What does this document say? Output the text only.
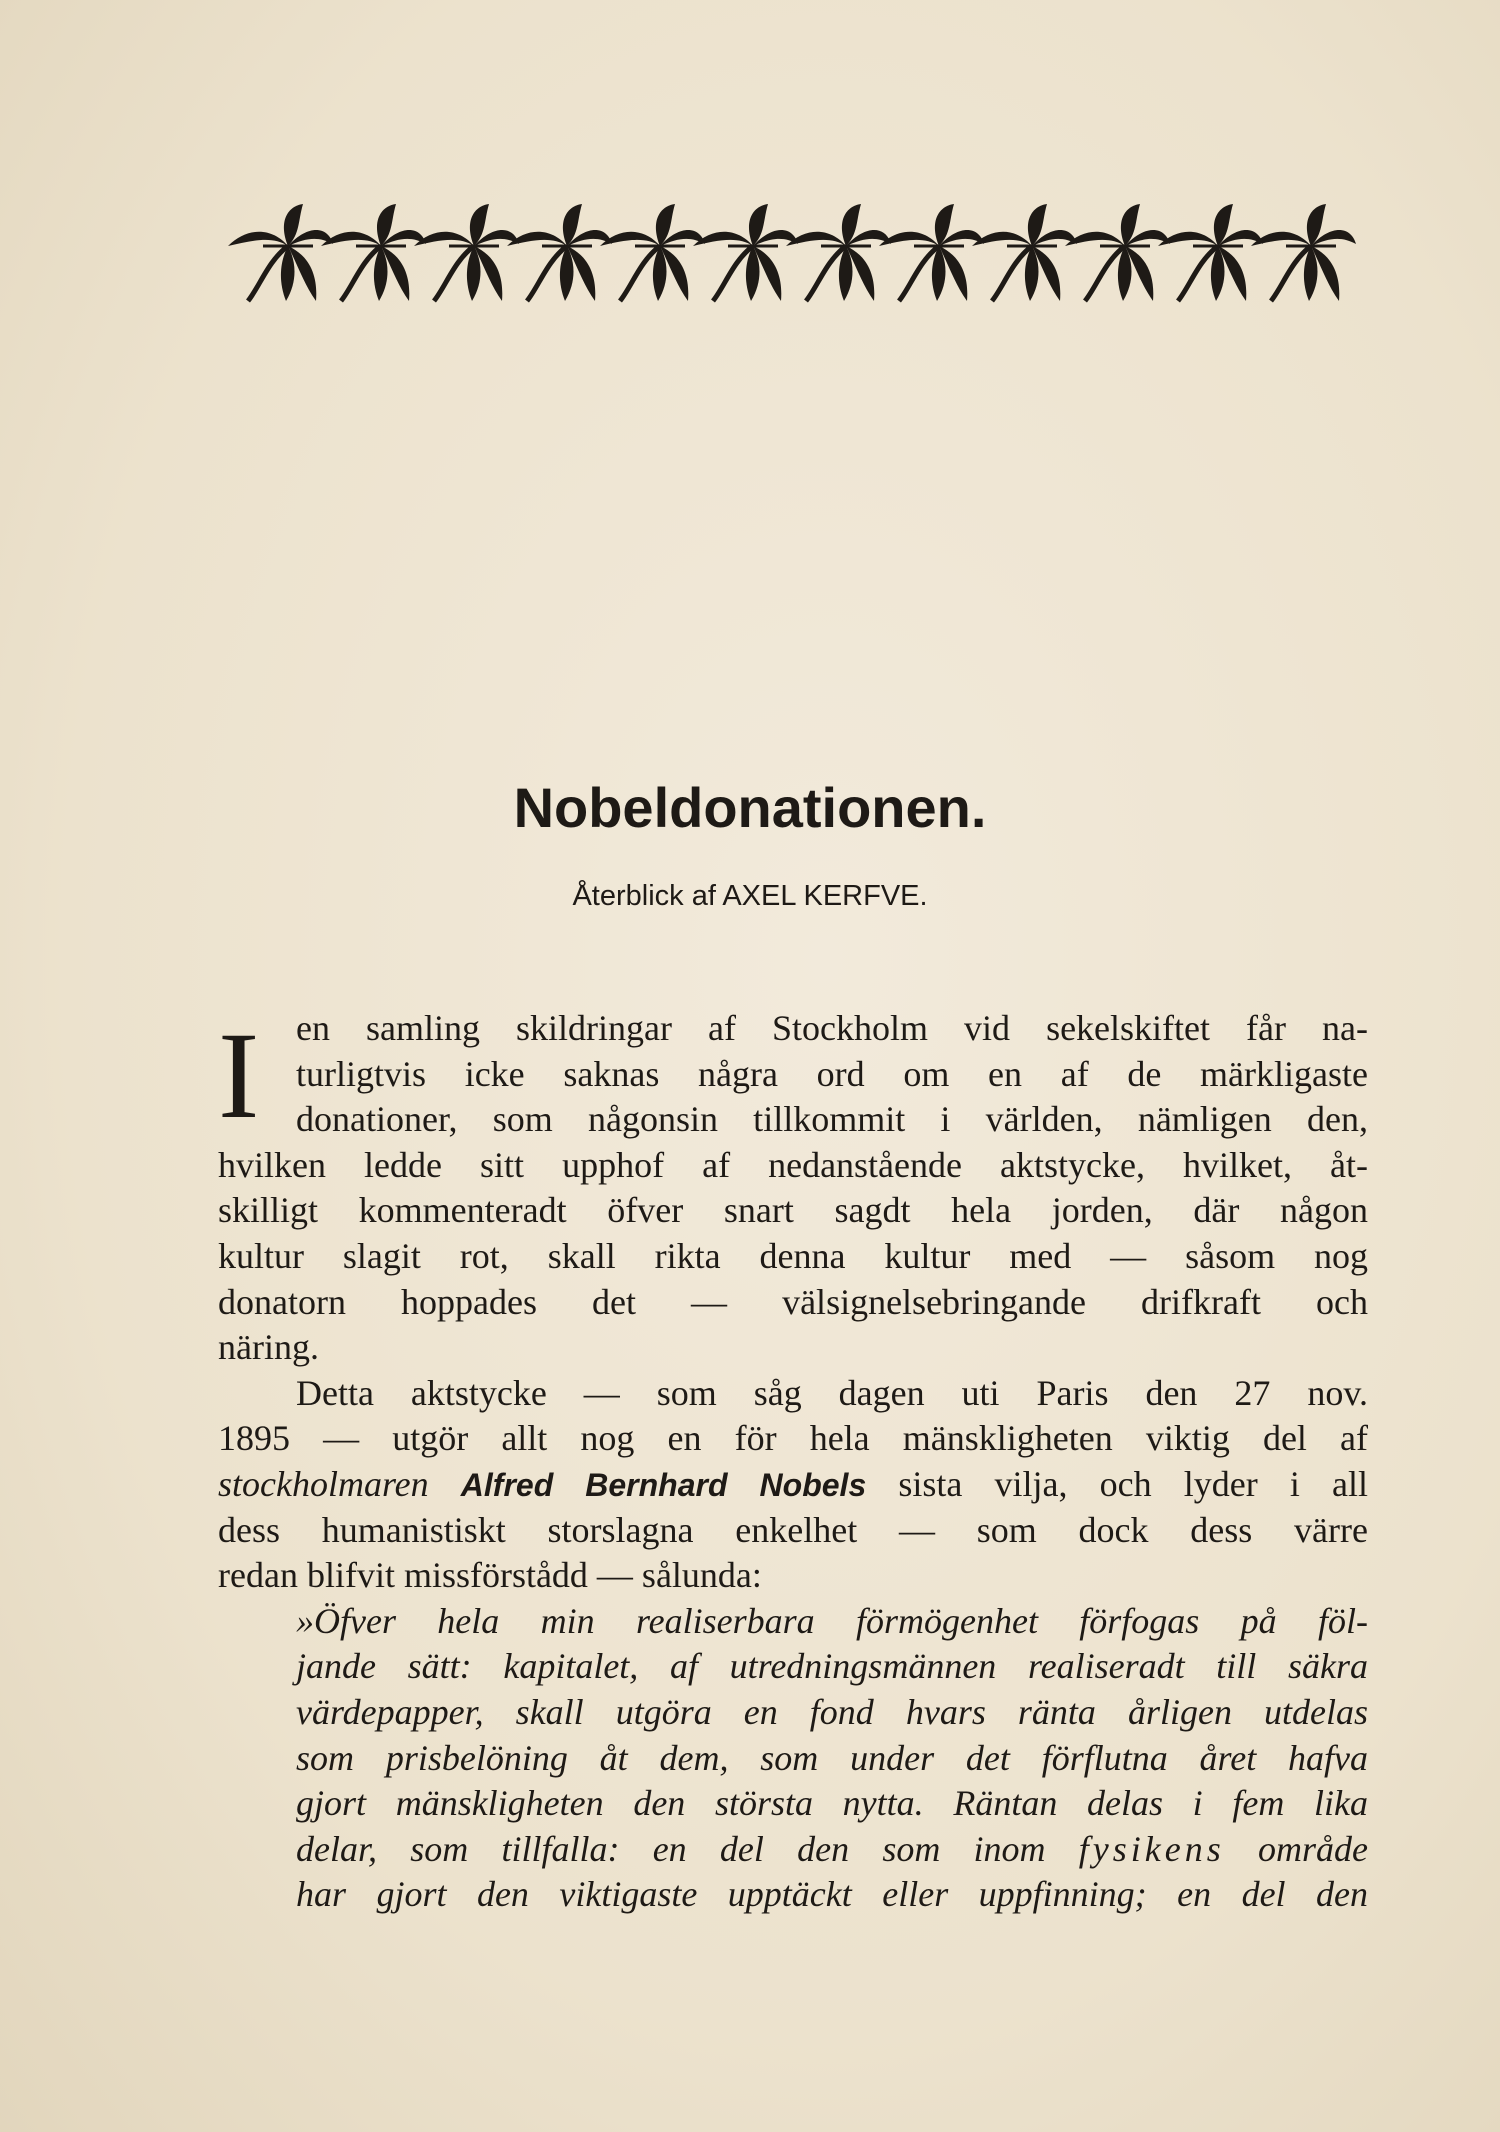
Nobeldonationen.
Återblick af AXEL KERFVE.
I	en samling skildringar af Stockholm vid sekelskiftet får na-
turligtvis icke saknas några ord om en af de märkligaste
donationer, som någonsin tillkommit i världen, nämligen den,
hvilken ledde sitt upphof af nedanstående aktstycke, hvilket, åt-
skilligt kommenteradt öfver snart sagdt hela jorden, där någon
kultur slagit rot, skall rikta denna kultur med — såsom nog
donatorn hoppades det — välsignelsebringande drifkraft och
näring.
Detta aktstycke — som såg dagen uti Paris den 27 nov.
1895 — utgör allt nog en för hela mänskligheten viktig del af
stockholmaren Alfred Bernhard Nobels sista vilja, och lyder i all
dess humanistiskt storslagna enkelhet — som dock dess värre
redan blifvit missförstådd — sålunda:
»Öfver hela min realiserbara förmögenhet förfogas på föl-
jande sätt: kapitalet, af utredningsmännen realiseradt till säkra
värdepapper, skall utgöra en fond hvars ränta årligen utdelas
som prisbelöning åt dem, som under det förflutna året hafva
gjort mänskligheten den största nytta. Räntan delas i fem lika
delar, som tillfalla: en del den som inom fysikens område
har gjort den viktigaste upptäckt eller uppfinning; en del den
